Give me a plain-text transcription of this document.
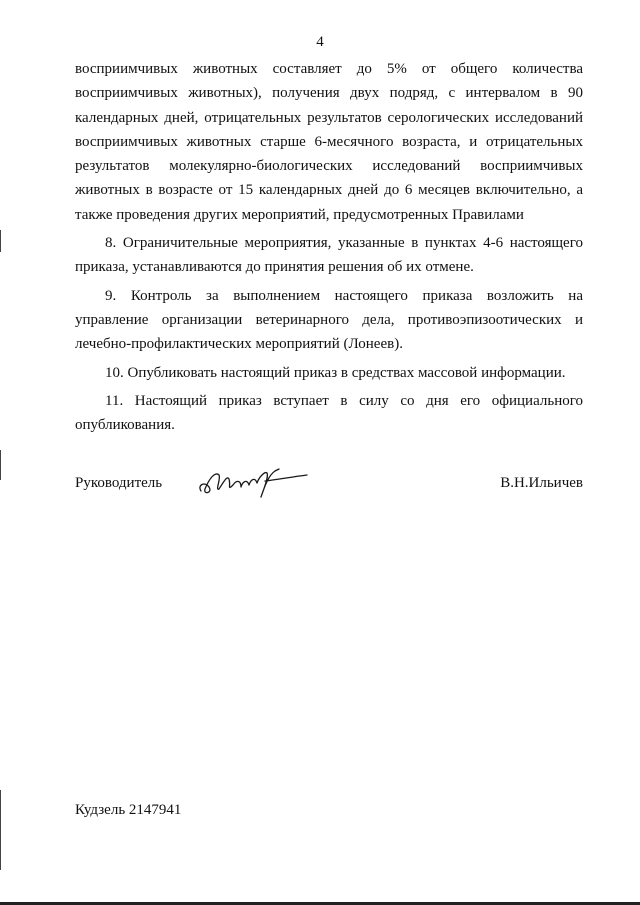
4

восприимчивых животных составляет до 5% от общего количества восприимчивых животных), получения двух подряд, с интервалом в 90 календарных дней, отрицательных результатов серологических исследований восприимчивых животных старше 6-месячного возраста, и отрицательных результатов молекулярно-биологических исследований восприимчивых животных в возрасте от 15 календарных дней до 6 месяцев включительно, а также проведения других мероприятий, предусмотренных Правилами

8. Ограничительные мероприятия, указанные в пунктах 4-6 настоящего приказа, устанавливаются до принятия решения об их отмене.

9. Контроль за выполнением настоящего приказа возложить на управление организации ветеринарного дела, противоэпизоотических и лечебно-профилактических мероприятий (Лонеев).

10. Опубликовать настоящий приказ в средствах массовой информации.

11. Настоящий приказ вступает в силу со дня его официального опубликования.

Руководитель	В.Н.Ильичев
Кудзель 2147941
